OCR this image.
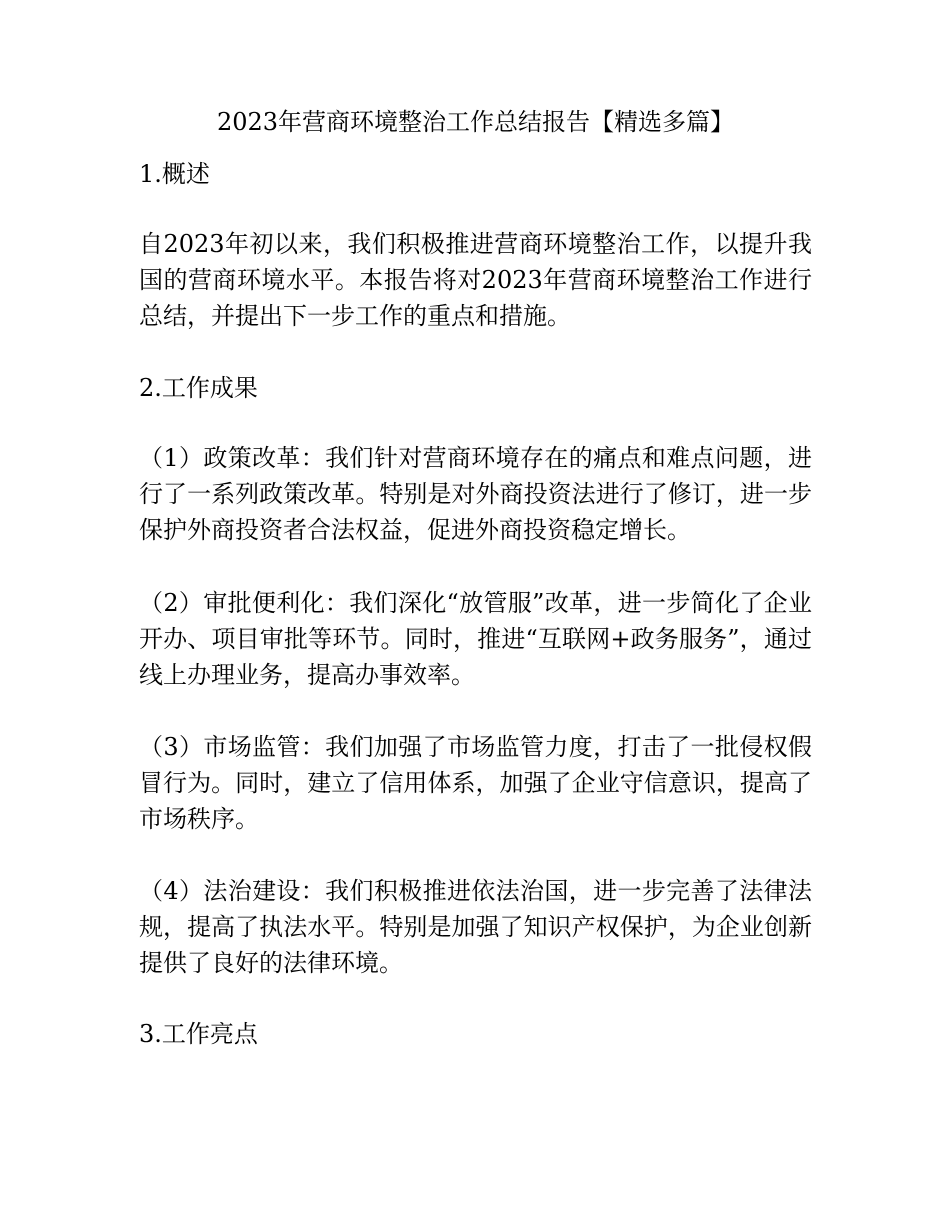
2023年营商环境整治工作总结报告【精选多篇】

1.概述

自2023年初以来，我们积极推进营商环境整治工作，以提升我国的营商环境水平。本报告将对2023年营商环境整治工作进行总结，并提出下一步工作的重点和措施。

2.工作成果

（1）政策改革：我们针对营商环境存在的痛点和难点问题，进行了一系列政策改革。特别是对外商投资法进行了修订，进一步保护外商投资者合法权益，促进外商投资稳定增长。

（2）审批便利化：我们深化“放管服”改革，进一步简化了企业开办、项目审批等环节。同时，推进“互联网+政务服务”，通过线上办理业务，提高办事效率。

（3）市场监管：我们加强了市场监管力度，打击了一批侵权假冒行为。同时，建立了信用体系，加强了企业守信意识，提高了市场秩序。

（4）法治建设：我们积极推进依法治国，进一步完善了法律法规，提高了执法水平。特别是加强了知识产权保护，为企业创新提供了良好的法律环境。

3.工作亮点
